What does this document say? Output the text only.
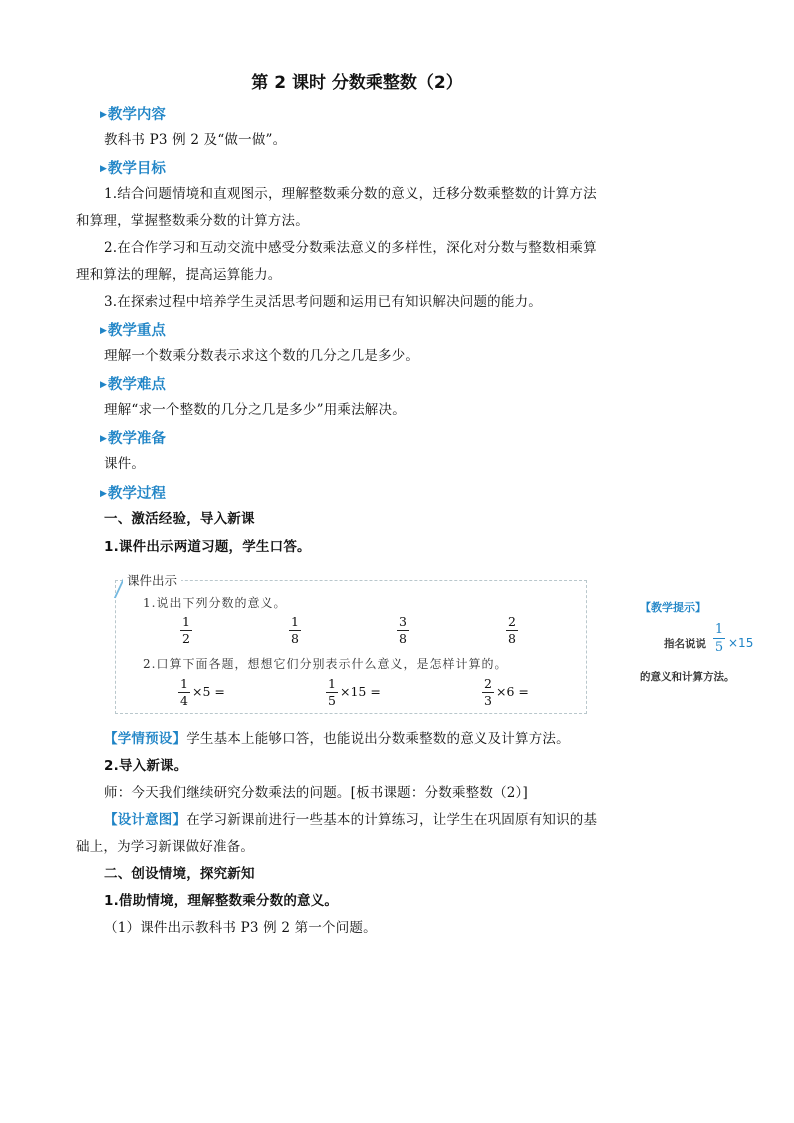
第 2 课时 分数乘整数（2）
▶教学内容
教科书 P3 例 2 及“做一做”。
▶教学目标
1.结合问题情境和直观图示，理解整数乘分数的意义，迁移分数乘整数的计算方法
和算理，掌握整数乘分数的计算方法。
2.在合作学习和互动交流中感受分数乘法意义的多样性，深化对分数与整数相乘算
理和算法的理解，提高运算能力。
3.在探索过程中培养学生灵活思考问题和运用已有知识解决问题的能力。
▶教学重点
理解一个数乘分数表示求这个数的几分之几是多少。
▶教学难点
理解“求一个整数的几分之几是多少”用乘法解决。
▶教学准备
课件。
▶教学过程
一、激活经验，导入新课
1.课件出示两道习题，学生口答。
课件出示
1.说出下列分数的意义。
1
2
1
8
3
8
2
8
2.口算下面各题，想想它们分别表示什么意义，是怎样计算的。
1
4
×5 =
1
5
×15 =
2
3
×6 =
【教学提示】
指名说说
1
5 ×15
的意义和计算方法。
【学情预设】学生基本上能够口答，也能说出分数乘整数的意义及计算方法。
2.导入新课。
师：今天我们继续研究分数乘法的问题。[板书课题：分数乘整数（2）]
【设计意图】在学习新课前进行一些基本的计算练习，让学生在巩固原有知识的基
础上，为学习新课做好准备。
二、创设情境，探究新知
1.借助情境，理解整数乘分数的意义。
（1）课件出示教科书 P3 例 2 第一个问题。
